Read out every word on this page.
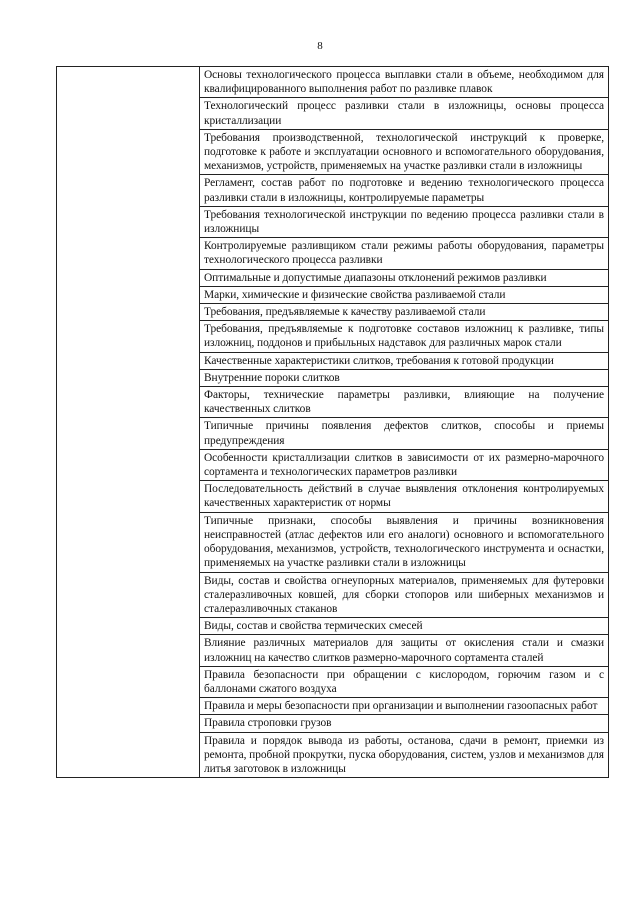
8
	Основы технологического процесса выплавки стали в объеме, необходимом для квалифицированного выполнения работ по разливке плавок
Технологический процесс разливки стали в изложницы, основы процесса кристаллизации
Требования производственной, технологической инструкций к проверке, подготовке к работе и эксплуатации основного и вспомогательного оборудования, механизмов, устройств, применяемых на участке разливки стали в изложницы
Регламент, состав работ по подготовке и ведению технологического процесса разливки стали в изложницы, контролируемые параметры
Требования технологической инструкции по ведению процесса разливки стали в изложницы
Контролируемые разливщиком стали режимы работы оборудования, параметры технологического процесса разливки
Оптимальные и допустимые диапазоны отклонений режимов разливки
Марки, химические и физические свойства разливаемой стали
Требования, предъявляемые к качеству разливаемой стали
Требования, предъявляемые к подготовке составов изложниц к разливке, типы изложниц, поддонов и прибыльных надставок для различных марок стали
Качественные характеристики слитков, требования к готовой продукции
Внутренние пороки слитков
Факторы, технические параметры разливки, влияющие на получение качественных слитков
Типичные причины появления дефектов слитков, способы и приемы предупреждения
Особенности кристаллизации слитков в зависимости от их размерно-марочного сортамента и технологических параметров разливки
Последовательность действий в случае выявления отклонения контролируемых качественных характеристик от нормы
Типичные признаки, способы выявления и причины возникновения неисправностей (атлас дефектов или его аналоги) основного и вспомогательного оборудования, механизмов, устройств, технологического инструмента и оснастки, применяемых на участке разливки стали в изложницы
Виды, состав и свойства огнеупорных материалов, применяемых для футеровки сталеразливочных ковшей, для сборки стопоров или шиберных механизмов и сталеразливочных стаканов
Виды, состав и свойства термических смесей
Влияние различных материалов для защиты от окисления стали и смазки изложниц на качество слитков размерно-марочного сортамента сталей
Правила безопасности при обращении с кислородом, горючим газом и с баллонами сжатого воздуха
Правила и меры безопасности при организации и выполнении газоопасных работ
Правила строповки грузов
Правила и порядок вывода из работы, останова, сдачи в ремонт, приемки из ремонта, пробной прокрутки, пуска оборудования, систем, узлов и механизмов для литья заготовок в изложницы
